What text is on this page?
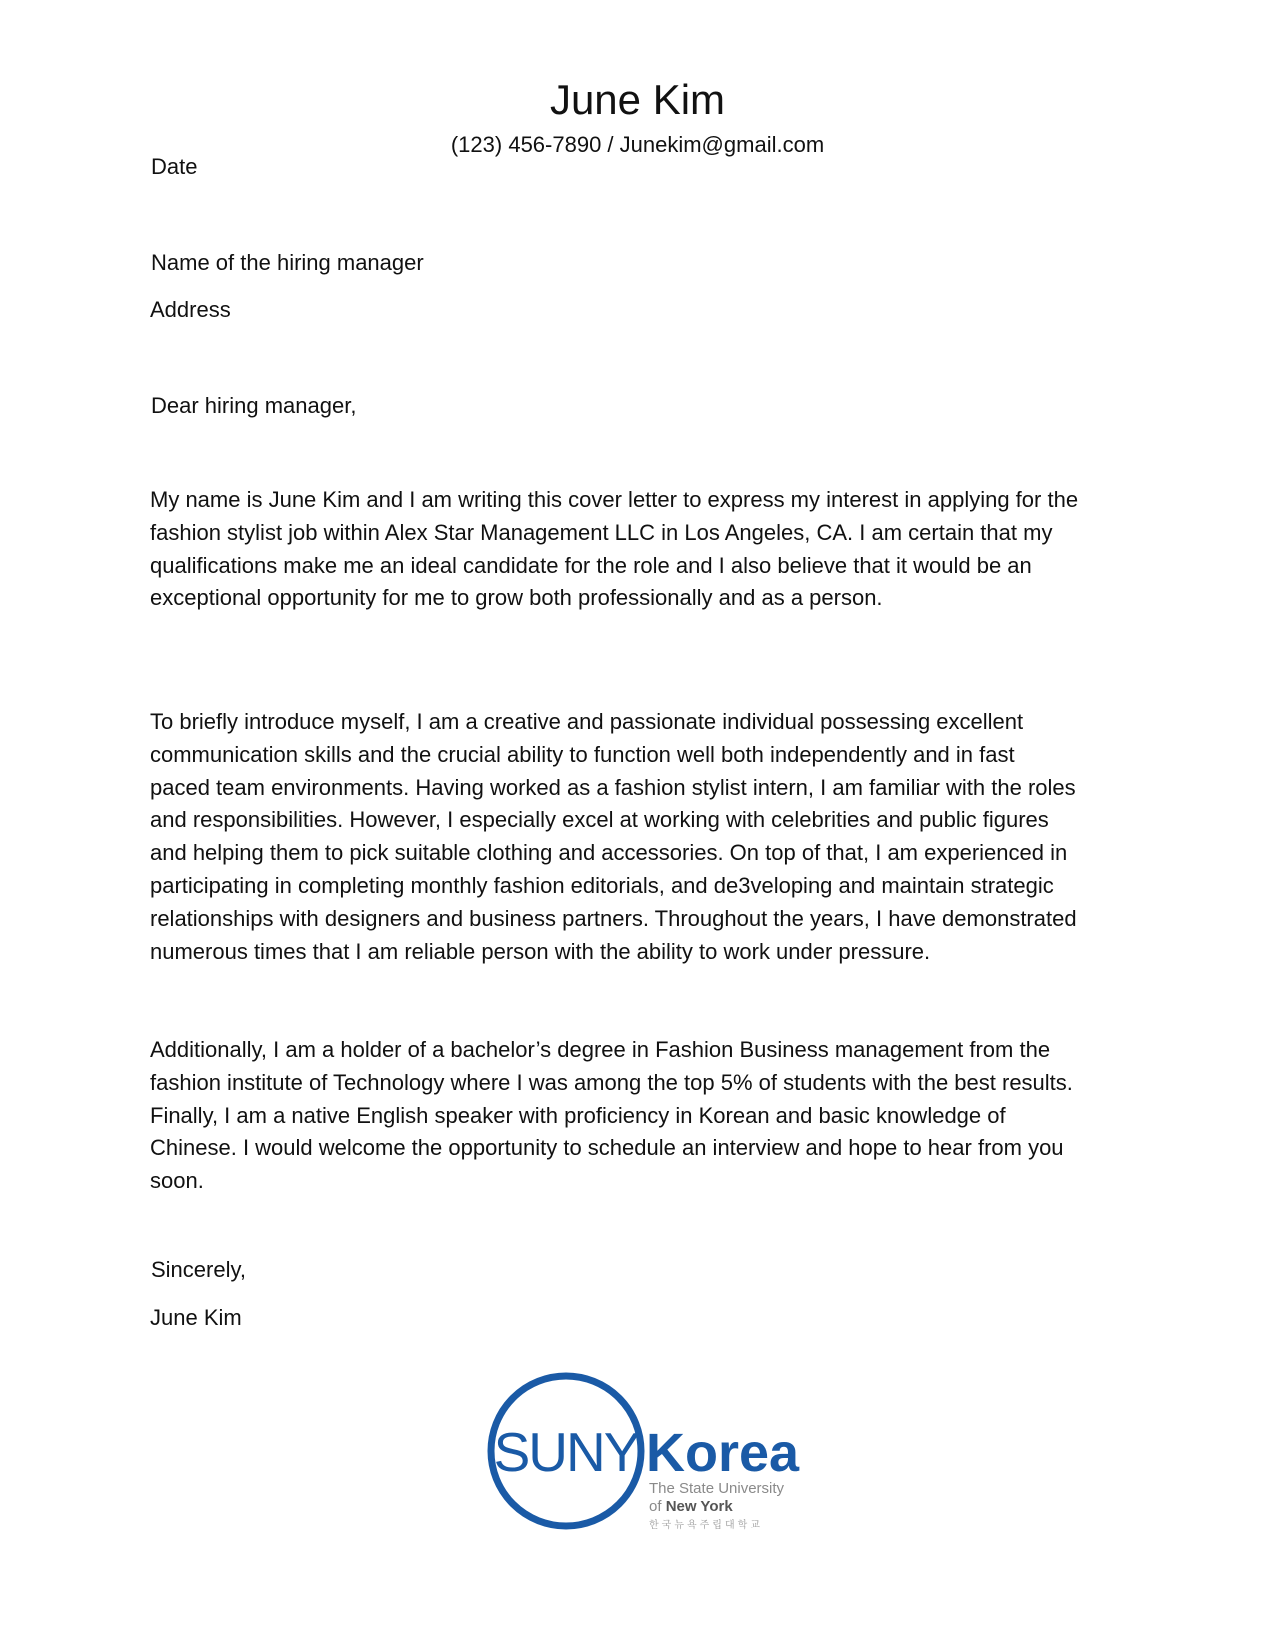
June Kim
(123) 456-7890 / Junekim@gmail.com
Date
Name of the hiring manager
Address
Dear hiring manager,
My name is June Kim and I am writing this cover letter to express my interest in applying for the
fashion stylist job within Alex Star Management LLC in Los Angeles, CA. I am certain that my
qualifications make me an ideal candidate for the role and I also believe that it would be an
exceptional opportunity for me to grow both professionally and as a person.
To briefly introduce myself, I am a creative and passionate individual possessing excellent
communication skills and the crucial ability to function well both independently and in fast
paced team environments. Having worked as a fashion stylist intern, I am familiar with the roles
and responsibilities. However, I especially excel at working with celebrities and public figures
and helping them to pick suitable clothing and accessories. On top of that, I am experienced in
participating in completing monthly fashion editorials, and de3veloping and maintain strategic
relationships with designers and business partners. Throughout the years, I have demonstrated
numerous times that I am reliable person with the ability to work under pressure.
Additionally, I am a holder of a bachelor’s degree in Fashion Business management from the
fashion institute of Technology where I was among the top 5% of students with the best results.
Finally, I am a native English speaker with proficiency in Korean and basic knowledge of
Chinese. I would welcome the opportunity to schedule an interview and hope to hear from you
soon.
Sincerely,
June Kim
SUNY Korea
The State University
of New York
한국뉴욕주립대학교
